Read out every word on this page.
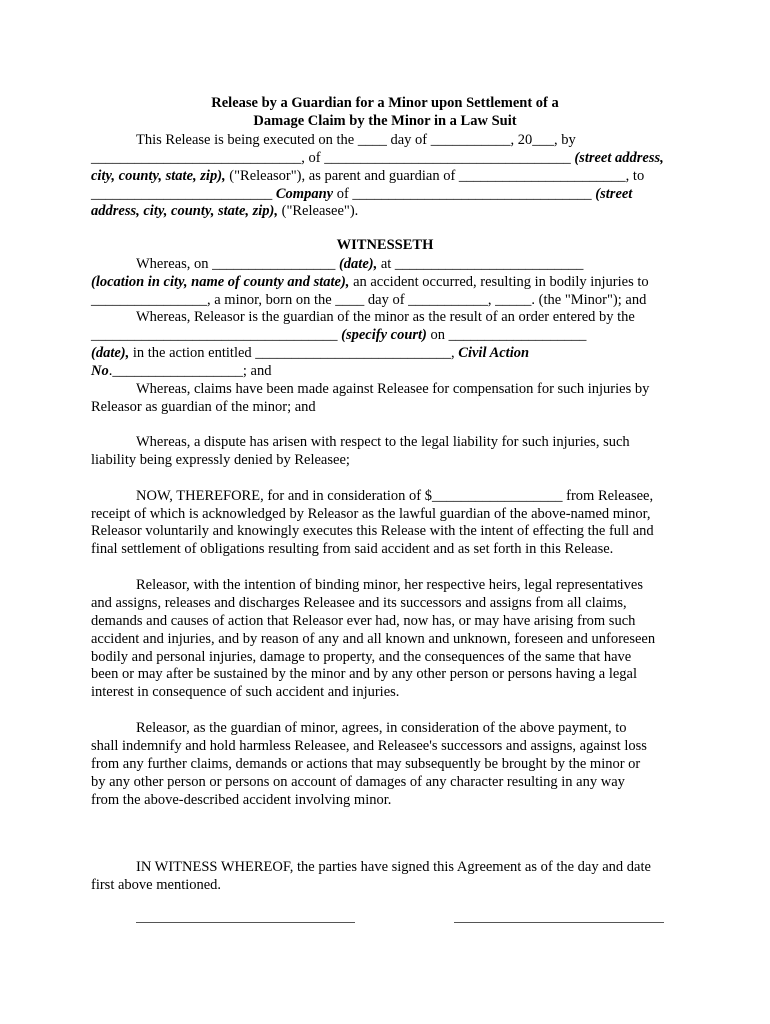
Release by a Guardian for a Minor upon Settlement of a
Damage Claim by the Minor in a Law Suit
This Release is being executed on the ____ day of ___________, 20___, by
_____________________________, of __________________________________ (street address,
city, county, state, zip), ("Releasor"), as parent and guardian of _______________________, to
_________________________ Company of _________________________________ (street
address, city, county, state, zip), ("Releasee").
WITNESSETH
Whereas, on _________________ (date), at __________________________
(location in city, name of county and state), an accident occurred, resulting in bodily injuries to
________________, a minor, born on the ____ day of ___________, _____. (the "Minor"); and
Whereas, Releasor is the guardian of the minor as the result of an order entered by the
__________________________________ (specify court) on ___________________
(date), in the action entitled ___________________________, Civil Action
No.__________________; and
Whereas, claims have been made against Releasee for compensation for such injuries by
Releasor as guardian of the minor; and
Whereas, a dispute has arisen with respect to the legal liability for such injuries, such
liability being expressly denied by Releasee;
NOW, THEREFORE, for and in consideration of $__________________ from Releasee,
receipt of which is acknowledged by Releasor as the lawful guardian of the above-named minor,
Releasor voluntarily and knowingly executes this Release with the intent of effecting the full and
final settlement of obligations resulting from said accident and as set forth in this Release.
Releasor, with the intention of binding minor, her respective heirs, legal representatives
and assigns, releases and discharges Releasee and its successors and assigns from all claims,
demands and causes of action that Releasor ever had, now has, or may have arising from such
accident and injuries, and by reason of any and all known and unknown, foreseen and unforeseen
bodily and personal injuries, damage to property, and the consequences of the same that have
been or may after be sustained by the minor and by any other person or persons having a legal
interest in consequence of such accident and injuries.
Releasor, as the guardian of minor, agrees, in consideration of the above payment, to
shall indemnify and hold harmless Releasee, and Releasee's successors and assigns, against loss
from any further claims, demands or actions that may subsequently be brought by the minor or
by any other person or persons on account of damages of any character resulting in any way
from the above-described accident involving minor.
IN WITNESS WHEREOF, the parties have signed this Agreement as of the day and date
first above mentioned.
